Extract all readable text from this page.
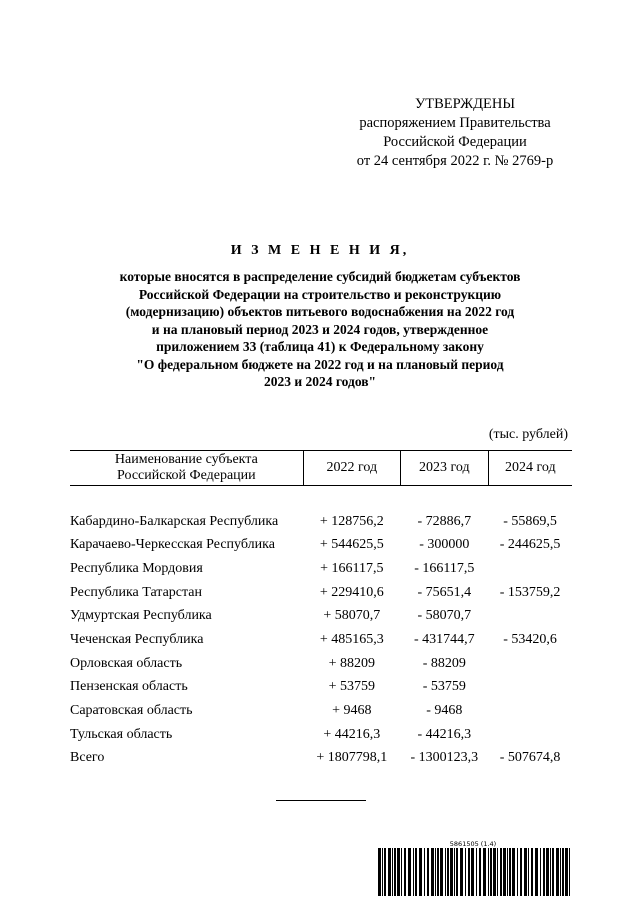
УТВЕРЖДЕНЫ
распоряжением Правительства
Российской Федерации
от 24 сентября 2022 г. № 2769-р
И З М Е Н Е Н И Я,
которые вносятся в распределение субсидий бюджетам субъектов
Российской Федерации на строительство и реконструкцию
(модернизацию) объектов питьевого водоснабжения на 2022 год
и на плановый период 2023 и 2024 годов, утвержденное
приложением 33 (таблица 41) к Федеральному закону
"О федеральном бюджете на 2022 год и на плановый период
2023 и 2024 годов"
(тыс. рублей)
Наименование субъекта
Российской Федерации	2022 год	2023 год	2024 год

Кабардино-Балкарская Республика	+ 128756,2	- 72886,7	- 55869,5
Карачаево-Черкесская Республика	+ 544625,5	- 300000	- 244625,5
Республика Мордовия	+ 166117,5	- 166117,5	
Республика Татарстан	+ 229410,6	- 75651,4	- 153759,2
Удмуртская Республика	+ 58070,7	- 58070,7	
Чеченская Республика	+ 485165,3	- 431744,7	- 53420,6
Орловская область	+ 88209	- 88209	
Пензенская область	+ 53759	- 53759	
Саратовская область	+ 9468	- 9468	
Тульская область	+ 44216,3	- 44216,3	
Всего	+ 1807798,1	- 1300123,3	- 507674,8
5861505 (1.4)
